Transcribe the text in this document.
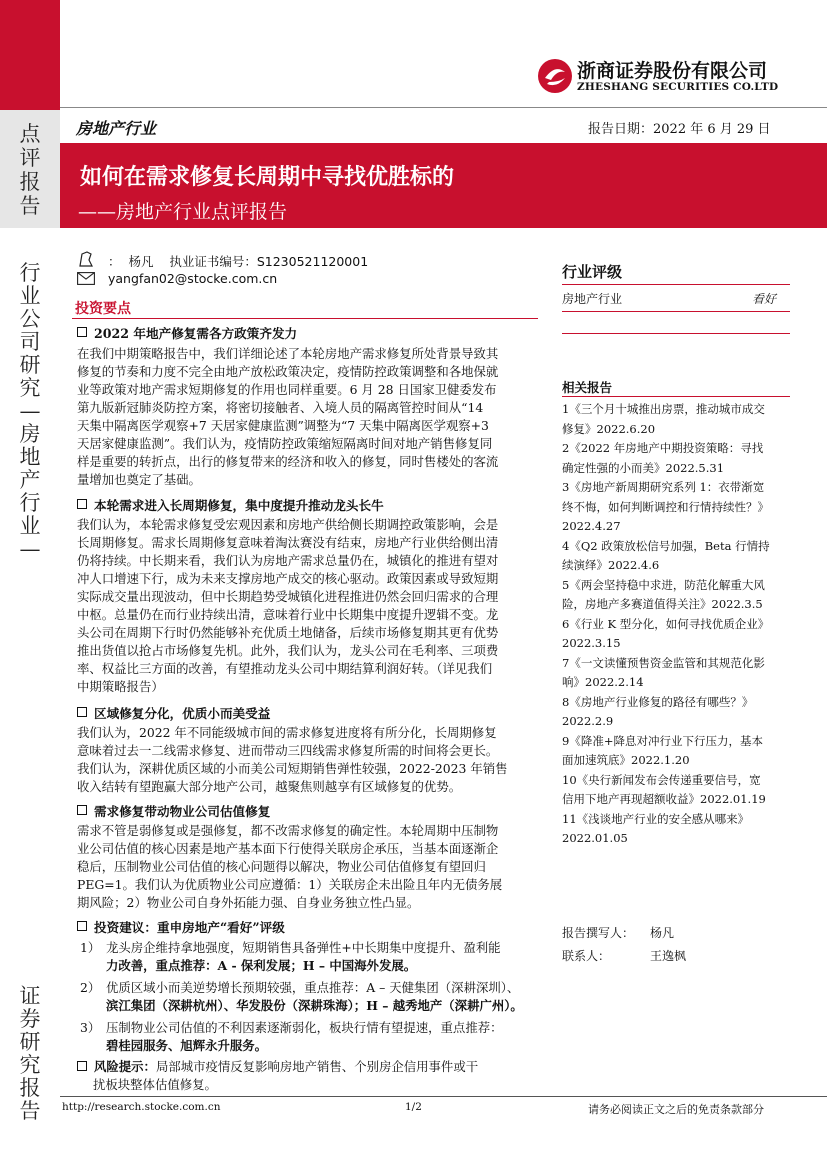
浙商证券股份有限公司
ZHESHANG SECURITIES CO.LTD
点
评
报
告
行
业
公
司
研
究
—
房
地
产
行
业
—
证
券
研
究
报
告
房地产行业	报告日期：2022 年 6 月 29 日
如何在需求修复长周期中寻找优胜标的
——房地产行业点评报告
：  杨凡    执业证书编号：S1230521120001
yangfan02@stocke.com.cn
投资要点
2022 年地产修复需各方政策齐发力
在我们中期策略报告中，我们详细论述了本轮房地产需求修复所处背景导致其
修复的节奏和力度不完全由地产放松政策决定，疫情防控政策调整和各地保就
业等政策对地产需求短期修复的作用也同样重要。6 月 28 日国家卫健委发布
第九版新冠肺炎防控方案，将密切接触者、入境人员的隔离管控时间从“14
天集中隔离医学观察+7 天居家健康监测”调整为“7 天集中隔离医学观察+3
天居家健康监测”。我们认为，疫情防控政策缩短隔离时间对地产销售修复同
样是重要的转折点，出行的修复带来的经济和收入的修复，同时售楼处的客流
量增加也奠定了基础。
本轮需求进入长周期修复，集中度提升推动龙头长牛
我们认为，本轮需求修复受宏观因素和房地产供给侧长期调控政策影响，会是
长周期修复。需求长周期修复意味着淘汰赛没有结束，房地产行业供给侧出清
仍将持续。中长期来看，我们认为房地产需求总量仍在，城镇化的推进有望对
冲人口增速下行，成为未来支撑房地产成交的核心驱动。政策因素或导致短期
实际成交量出现波动，但中长期趋势受城镇化进程推进仍然会回归需求的合理
中枢。总量仍在而行业持续出清，意味着行业中长期集中度提升逻辑不变。龙
头公司在周期下行时仍然能够补充优质土地储备，后续市场修复期其更有优势
推出货值以抢占市场修复先机。此外，我们认为，龙头公司在毛利率、三项费
率、权益比三方面的改善，有望推动龙头公司中期结算利润好转。（详见我们
中期策略报告）
区域修复分化，优质小而美受益
我们认为，2022 年不同能级城市间的需求修复进度将有所分化，长周期修复
意味着过去一二线需求修复、进而带动三四线需求修复所需的时间将会更长。
我们认为，深耕优质区域的小而美公司短期销售弹性较强，2022-2023 年销售
收入结转有望跑赢大部分地产公司，越聚焦则越享有区域修复的优势。
需求修复带动物业公司估值修复
需求不管是弱修复或是强修复，都不改需求修复的确定性。本轮周期中压制物
业公司估值的核心因素是地产基本面下行使得关联房企承压，当基本面逐渐企
稳后，压制物业公司估值的核心问题得以解决，物业公司估值修复有望回归
PEG=1。我们认为优质物业公司应遵循：1）关联房企未出险且年内无债务展
期风险；2）物业公司自身外拓能力强、自身业务独立性凸显。
投资建议：重申房地产“看好”评级
1） 龙头房企维持拿地强度，短期销售具备弹性+中长期集中度提升、盈利能
力改善，重点推荐：A - 保利发展；H – 中国海外发展。
2） 优质区域小而美逆势增长预期较强，重点推荐：A – 天健集团（深耕深圳）、
滨江集团（深耕杭州）、华发股份（深耕珠海）；H – 越秀地产（深耕广州）。
3） 压制物业公司估值的不利因素逐渐弱化，板块行情有望提速，重点推荐：
碧桂园服务、旭辉永升服务。
风险提示：局部城市疫情反复影响房地产销售、个别房企信用事件或干
扰板块整体估值修复。
行业评级
房地产行业	看好
相关报告
1《三个月十城推出房票，推动城市成交
修复》2022.6.20
2《2022 年房地产中期投资策略：寻找
确定性强的小而美》2022.5.31
3《房地产新周期研究系列 1：衣带渐宽
终不悔，如何判断调控和行情持续性？》
2022.4.27
4《Q2 政策放松信号加强，Beta 行情持
续演绎》2022.4.6
5《两会坚持稳中求进，防范化解重大风
险，房地产多赛道值得关注》2022.3.5
6《行业 K 型分化，如何寻找优质企业》
2022.3.15
7《一文读懂预售资金监管和其规范化影
响》2022.2.14
8《房地产行业修复的路径有哪些？》
2022.2.9
9《降准+降息对冲行业下行压力，基本
面加速筑底》2022.1.20
10《央行新闻发布会传递重要信号，宽
信用下地产再现超额收益》2022.01.19
11《浅谈地产行业的安全感从哪来》
2022.01.05
报告撰写人： 杨凡
联系人：	王逸枫
http://research.stocke.com.cn	1/2	请务必阅读正文之后的免责条款部分
